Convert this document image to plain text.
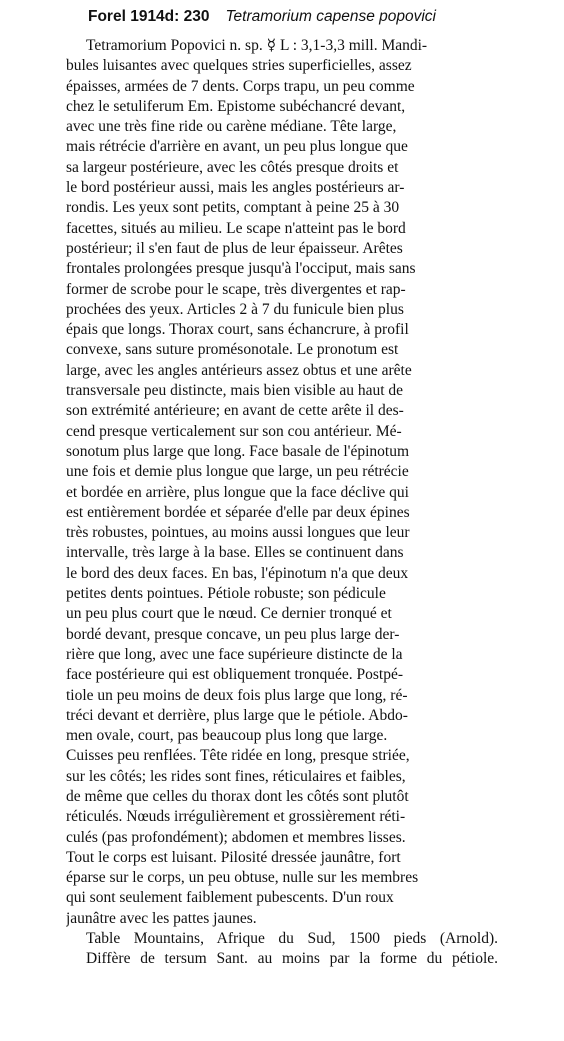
Forel 1914d: 230 Tetramorium capense popovici
Tetramorium Popovici n. sp. ☿ L : 3,1-3,3 mill. Mandi-
bules luisantes avec quelques stries superficielles, assez
épaisses, armées de 7 dents. Corps trapu, un peu comme
chez le setuliferum Em. Epistome subéchancré devant,
avec une très fine ride ou carène médiane. Tête large,
mais rétrécie d'arrière en avant, un peu plus longue que
sa largeur postérieure, avec les côtés presque droits et
le bord postérieur aussi, mais les angles postérieurs ar-
rondis. Les yeux sont petits, comptant à peine 25 à 30
facettes, situés au milieu. Le scape n'atteint pas le bord
postérieur; il s'en faut de plus de leur épaisseur. Arêtes
frontales prolongées presque jusqu'à l'occiput, mais sans
former de scrobe pour le scape, très divergentes et rap-
prochées des yeux. Articles 2 à 7 du funicule bien plus
épais que longs. Thorax court, sans échancrure, à profil
convexe, sans suture promésonotale. Le pronotum est
large, avec les angles antérieurs assez obtus et une arête
transversale peu distincte, mais bien visible au haut de
son extrémité antérieure; en avant de cette arête il des-
cend presque verticalement sur son cou antérieur. Mé-
sonotum plus large que long. Face basale de l'épinotum
une fois et demie plus longue que large, un peu rétrécie
et bordée en arrière, plus longue que la face déclive qui
est entièrement bordée et séparée d'elle par deux épines
très robustes, pointues, au moins aussi longues que leur
intervalle, très large à la base. Elles se continuent dans
le bord des deux faces. En bas, l'épinotum n'a que deux
petites dents pointues. Pétiole robuste; son pédicule
un peu plus court que le nœud. Ce dernier tronqué et
bordé devant, presque concave, un peu plus large der-
rière que long, avec une face supérieure distincte de la
face postérieure qui est obliquement tronquée. Postpé-
tiole un peu moins de deux fois plus large que long, ré-
tréci devant et derrière, plus large que le pétiole. Abdo-
men ovale, court, pas beaucoup plus long que large.
Cuisses peu renflées. Tête ridée en long, presque striée,
sur les côtés; les rides sont fines, réticulaires et faibles,
de même que celles du thorax dont les côtés sont plutôt
réticulés. Nœuds irrégulièrement et grossièrement réti-
culés (pas profondément); abdomen et membres lisses.
Tout le corps est luisant. Pilosité dressée jaunâtre, fort
éparse sur le corps, un peu obtuse, nulle sur les membres
qui sont seulement faiblement pubescents. D'un roux
jaunâtre avec les pattes jaunes.
Table Mountains, Afrique du Sud, 1500 pieds (Arnold).
Diffère de tersum Sant. au moins par la forme du pétiole.
